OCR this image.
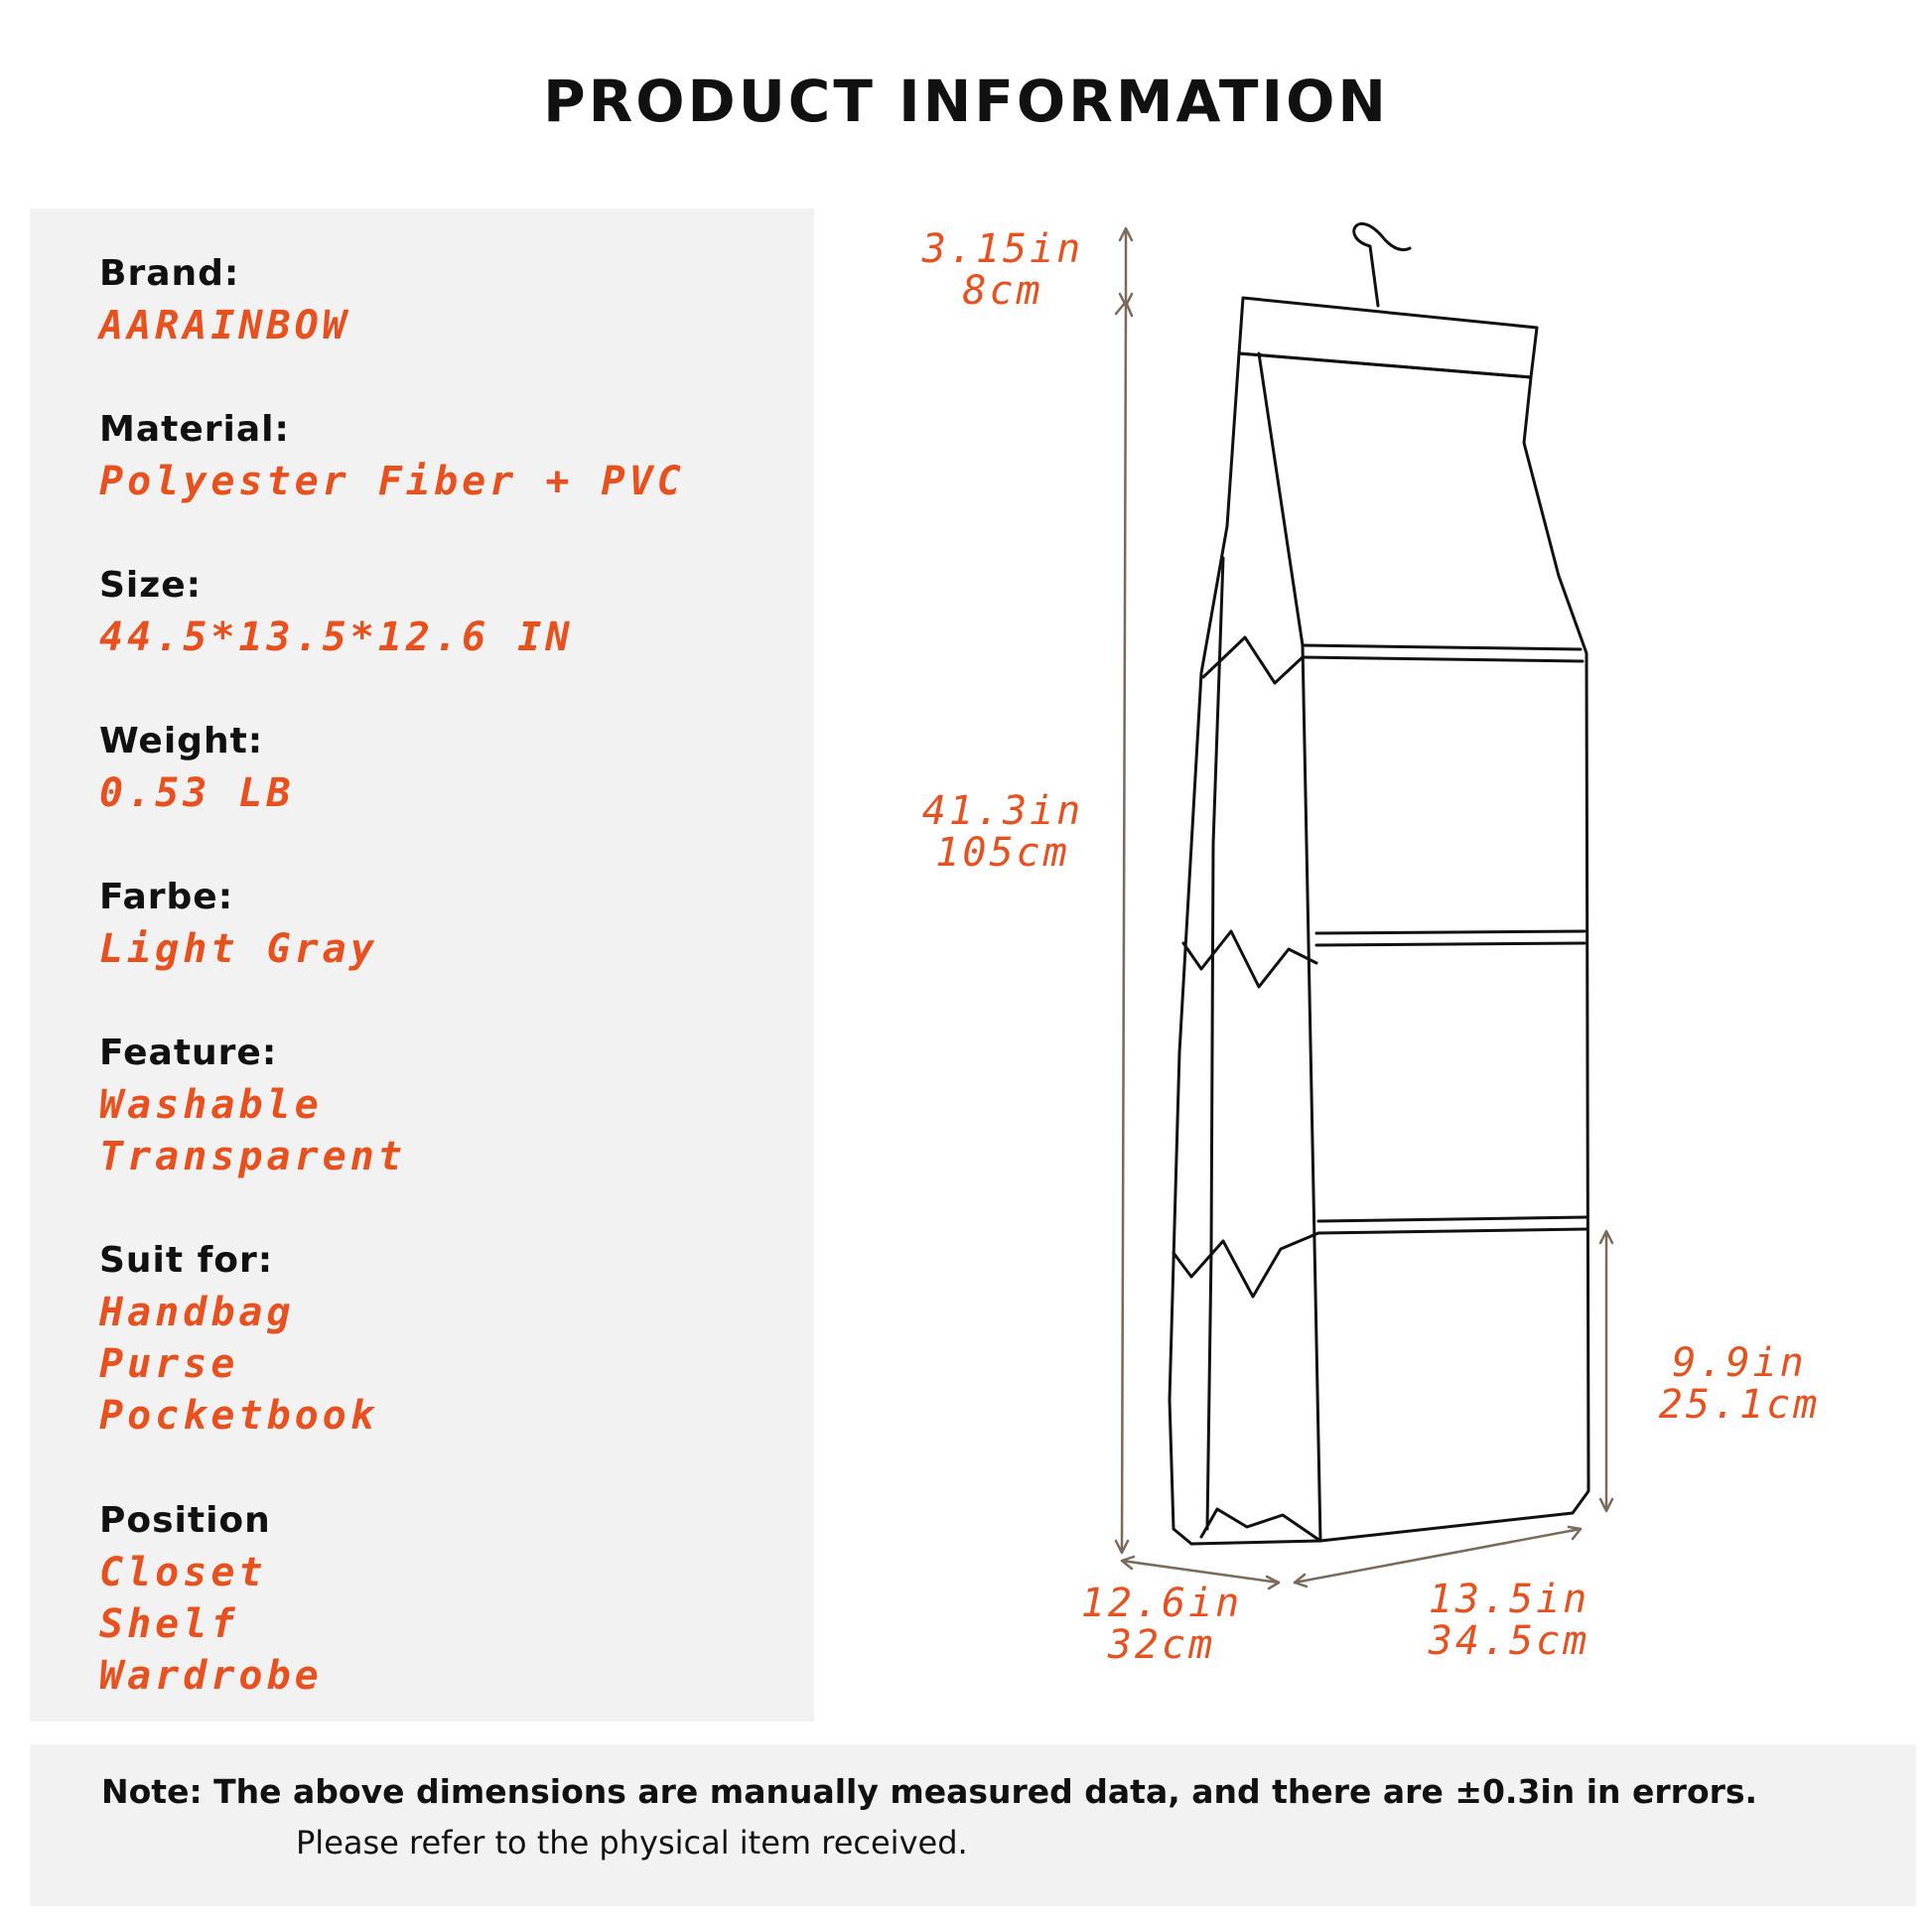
PRODUCT INFORMATION
Brand:
AARAINBOW
Material:
Polyester Fiber + PVC
Size:
44.5*13.5*12.6 IN
Weight:
0.53 LB
Farbe:
Light Gray
Feature:
Washable
Transparent
Suit for:
Handbag
Purse
Pocketbook
Position
Closet
Shelf
Wardrobe
3.15in
8cm
41.3in
105cm
9.9in
25.1cm
12.6in
32cm
13.5in
34.5cm
Note: The above dimensions are manually measured data, and there are ±0.3in in errors.
Please refer to the physical item received.
